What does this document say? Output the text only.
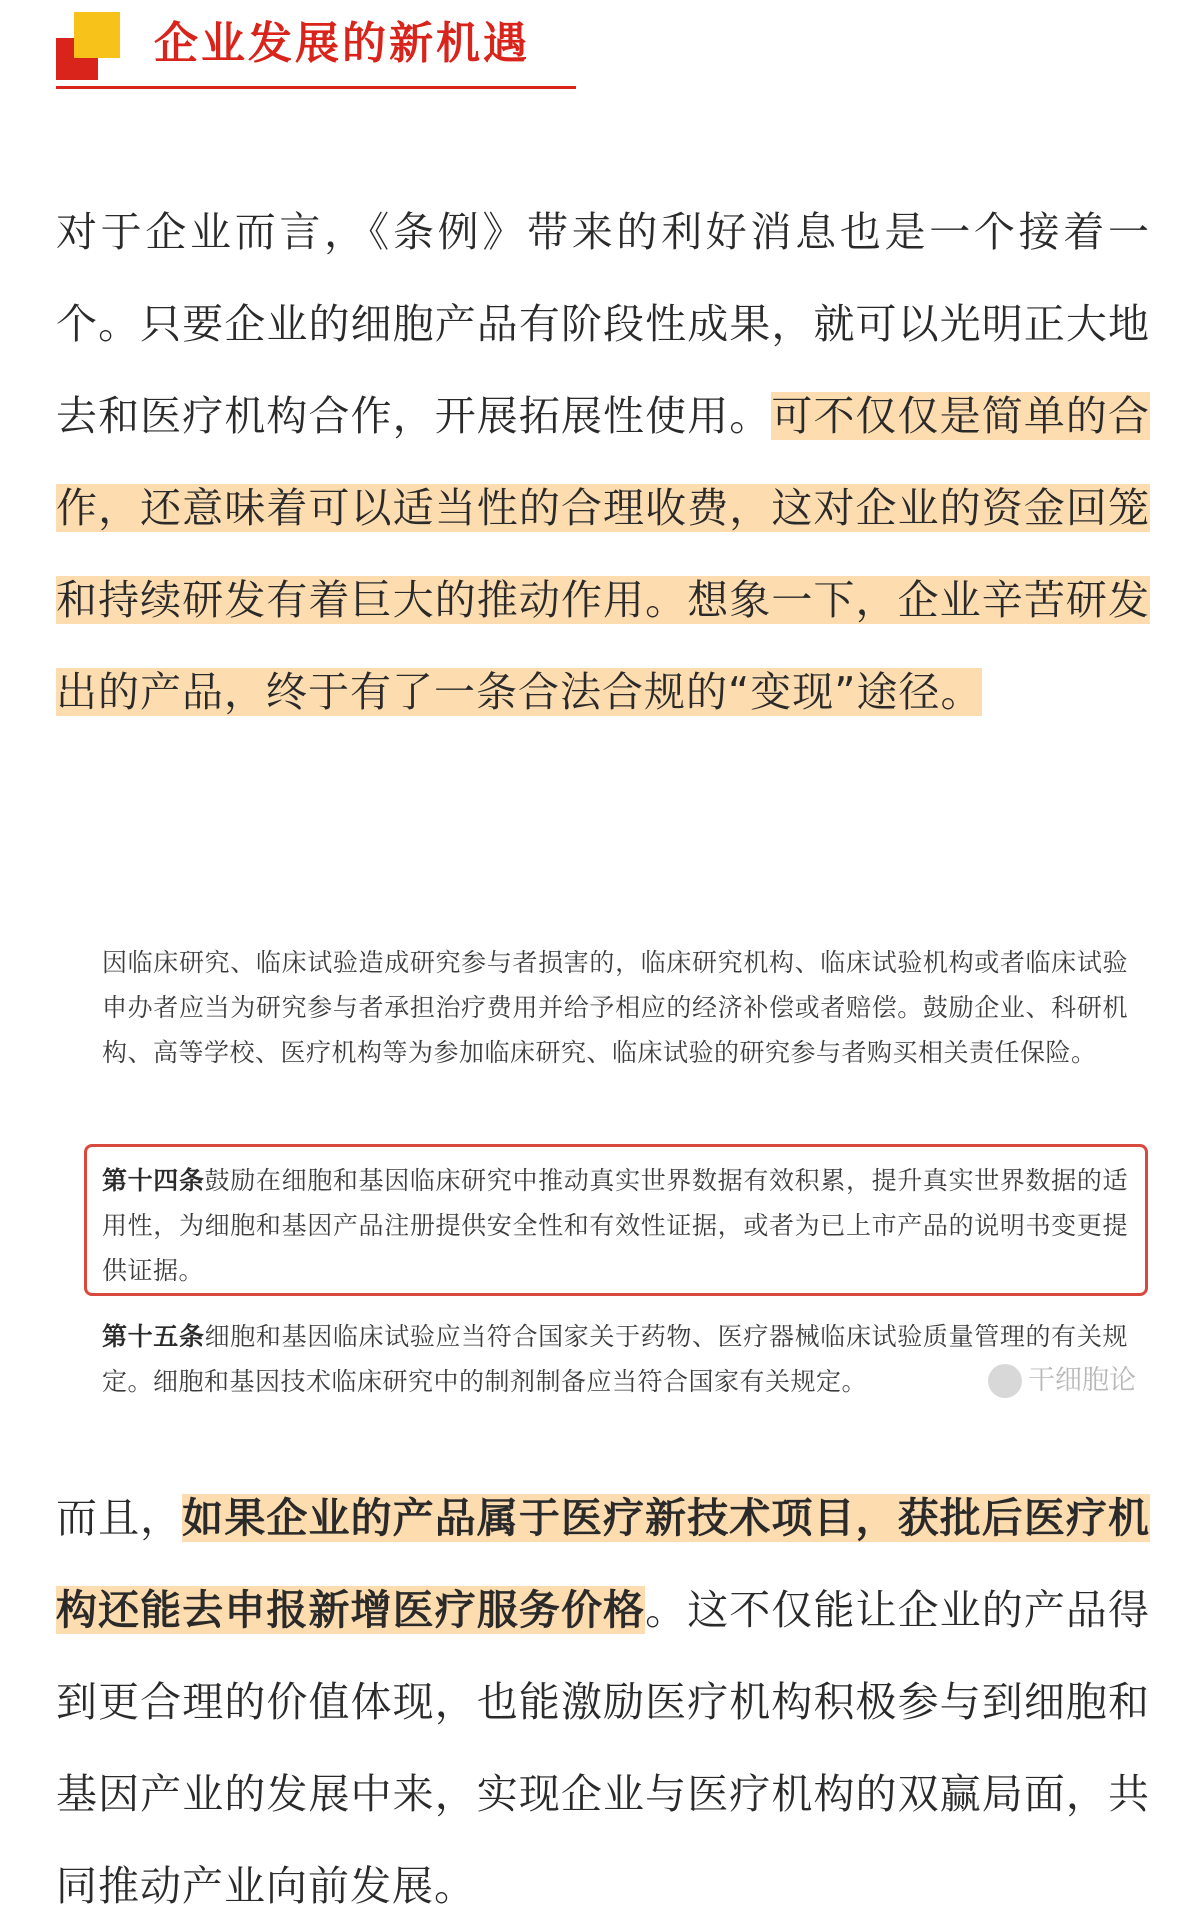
企业发展的新机遇
对于企业而言，《条例》带来的利好消息也是一个接着一个。只要企业的细胞产品有阶段性成果，就可以光明正大地去和医疗机构合作，开展拓展性使用。可不仅仅是简单的合作，还意味着可以适当性的合理收费，这对企业的资金回笼和持续研发有着巨大的推动作用。想象一下，企业辛苦研发出的产品，终于有了一条合法合规的“变现”途径。
因临床研究、临床试验造成研究参与者损害的，临床研究机构、临床试验机构或者临床试验申办者应当为研究参与者承担治疗费用并给予相应的经济补偿或者赔偿。鼓励企业、科研机构、高等学校、医疗机构等为参加临床研究、临床试验的研究参与者购买相关责任保险。
第十四条鼓励在细胞和基因临床研究中推动真实世界数据有效积累，提升真实世界数据的适用性，为细胞和基因产品注册提供安全性和有效性证据，或者为已上市产品的说明书变更提供证据。
第十五条细胞和基因临床试验应当符合国家关于药物、医疗器械临床试验质量管理的有关规定。细胞和基因技术临床研究中的制剂制备应当符合国家有关规定。	干细胞论
而且，如果企业的产品属于医疗新技术项目，获批后医疗机构还能去申报新增医疗服务价格。这不仅能让企业的产品得到更合理的价值体现，也能激励医疗机构积极参与到细胞和基因产业的发展中来，实现企业与医疗机构的双赢局面，共同推动产业向前发展。
